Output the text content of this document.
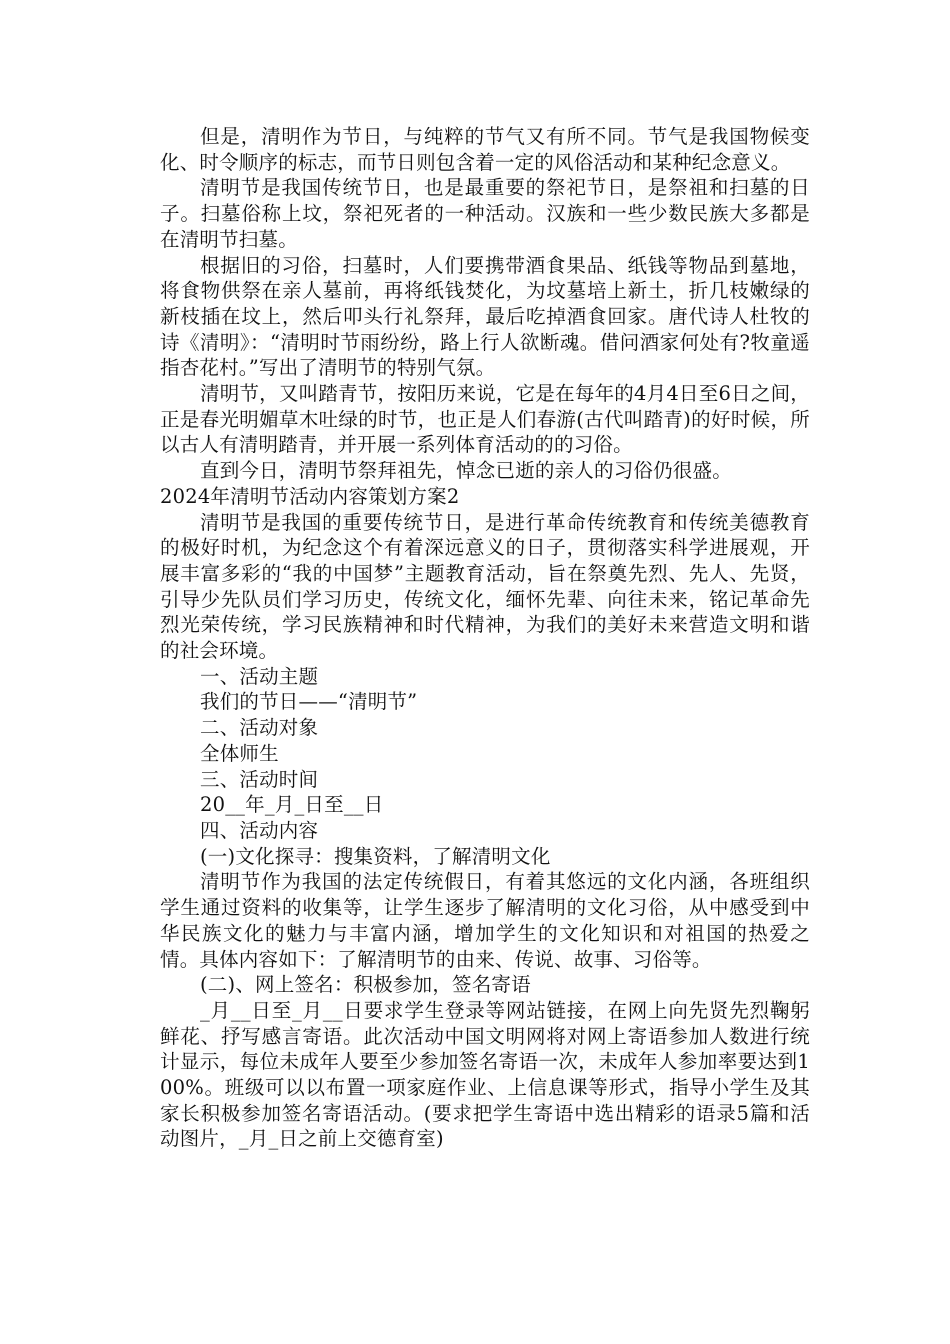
但是，清明作为节日，与纯粹的节气又有所不同。节气是我国物候变化、时令顺序的标志，而节日则包含着一定的风俗活动和某种纪念意义。

清明节是我国传统节日，也是最重要的祭祀节日，是祭祖和扫墓的日子。扫墓俗称上坟，祭祀死者的一种活动。汉族和一些少数民族大多都是在清明节扫墓。

根据旧的习俗，扫墓时，人们要携带酒食果品、纸钱等物品到墓地，将食物供祭在亲人墓前，再将纸钱焚化，为坟墓培上新土，折几枝嫩绿的新枝插在坟上，然后叩头行礼祭拜，最后吃掉酒食回家。唐代诗人杜牧的诗《清明》：“清明时节雨纷纷，路上行人欲断魂。借问酒家何处有?牧童遥指杏花村。”写出了清明节的特别气氛。

清明节，又叫踏青节，按阳历来说，它是在每年的4月4日至6日之间，正是春光明媚草木吐绿的时节，也正是人们春游(古代叫踏青)的好时候，所以古人有清明踏青，并开展一系列体育活动的的习俗。

直到今日，清明节祭拜祖先，悼念已逝的亲人的习俗仍很盛。

2024年清明节活动内容策划方案2

清明节是我国的重要传统节日，是进行革命传统教育和传统美德教育的极好时机，为纪念这个有着深远意义的日子，贯彻落实科学进展观，开展丰富多彩的“我的中国梦”主题教育活动，旨在祭奠先烈、先人、先贤，引导少先队员们学习历史，传统文化，缅怀先辈、向往未来，铭记革命先烈光荣传统，学习民族精神和时代精神，为我们的美好未来营造文明和谐的社会环境。

一、活动主题

我们的节日——“清明节”

二、活动对象

全体师生

三、活动时间

20__年_月_日至__日

四、活动内容

(一)文化探寻：搜集资料，了解清明文化

清明节作为我国的法定传统假日，有着其悠远的文化内涵，各班组织学生通过资料的收集等，让学生逐步了解清明的文化习俗，从中感受到中华民族文化的魅力与丰富内涵，增加学生的文化知识和对祖国的热爱之情。具体内容如下：了解清明节的由来、传说、故事、习俗等。

(二)、网上签名：积极参加，签名寄语

_月__日至_月__日要求学生登录等网站链接，在网上向先贤先烈鞠躬鲜花、抒写感言寄语。此次活动中国文明网将对网上寄语参加人数进行统计显示，每位未成年人要至少参加签名寄语一次，未成年人参加率要达到100%。班级可以以布置一项家庭作业、上信息课等形式，指导小学生及其家长积极参加签名寄语活动。(要求把学生寄语中选出精彩的语录5篇和活动图片，_月_日之前上交德育室)
